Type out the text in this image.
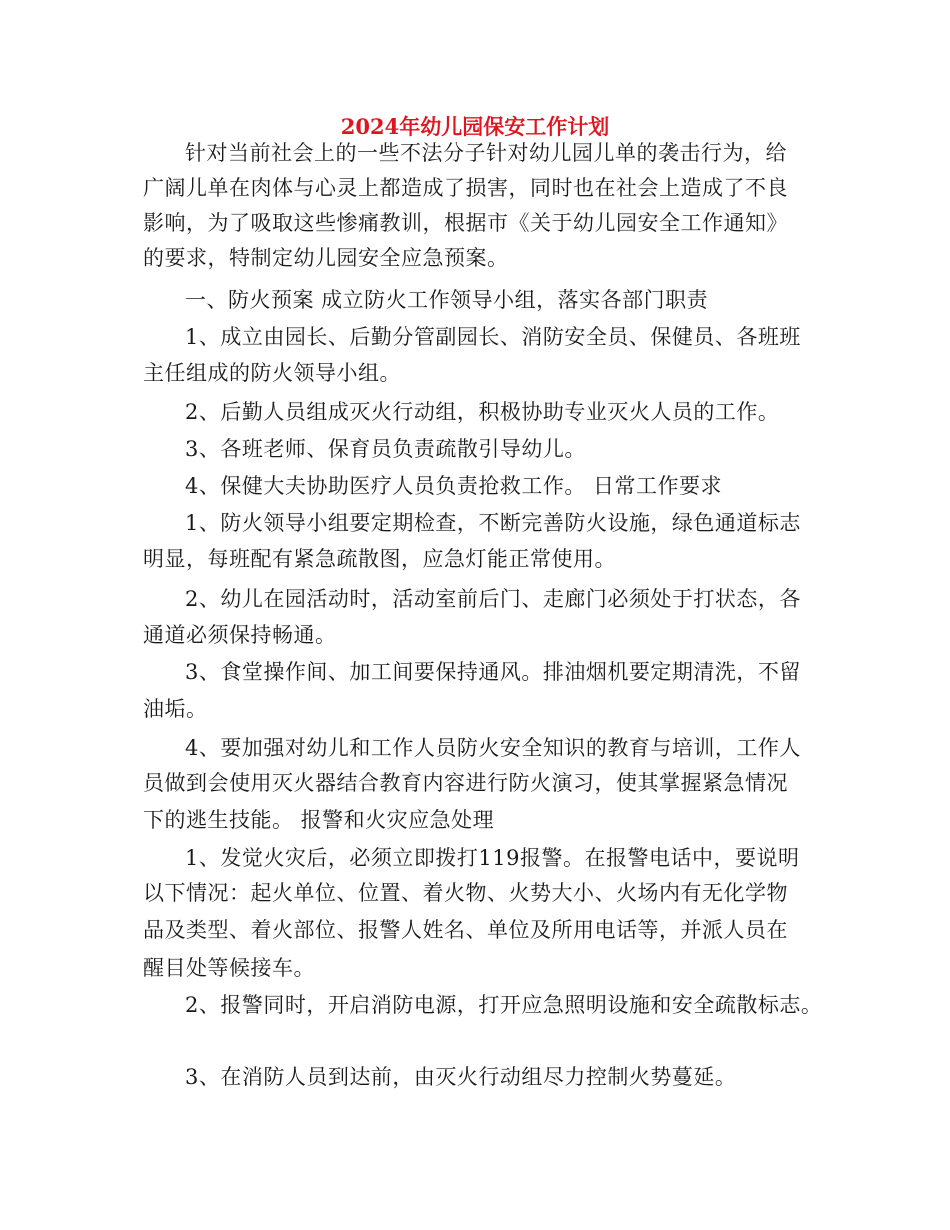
2024年幼儿园保安工作计划
针对当前社会上的一些不法分子针对幼儿园儿单的袭击行为，给
广阔儿单在肉体与心灵上都造成了损害，同时也在社会上造成了不良
影响，为了吸取这些惨痛教训，根据市《关于幼儿园安全工作通知》
的要求，特制定幼儿园安全应急预案。
一、防火预案 成立防火工作领导小组，落实各部门职责
1、成立由园长、后勤分管副园长、消防安全员、保健员、各班班
主任组成的防火领导小组。
2、后勤人员组成灭火行动组，积极协助专业灭火人员的工作。
3、各班老师、保育员负责疏散引导幼儿。
4、保健大夫协助医疗人员负责抢救工作。 日常工作要求
1、防火领导小组要定期检查，不断完善防火设施，绿色通道标志
明显，每班配有紧急疏散图，应急灯能正常使用。
2、幼儿在园活动时，活动室前后门、走廊门必须处于打状态，各
通道必须保持畅通。
3、食堂操作间、加工间要保持通风。排油烟机要定期清洗，不留
油垢。
4、要加强对幼儿和工作人员防火安全知识的教育与培训，工作人
员做到会使用灭火器结合教育内容进行防火演习，使其掌握紧急情况
下的逃生技能。 报警和火灾应急处理
1、发觉火灾后，必须立即拨打119报警。在报警电话中，要说明
以下情况：起火单位、位置、着火物、火势大小、火场内有无化学物
品及类型、着火部位、报警人姓名、单位及所用电话等，并派人员在
醒目处等候接车。
2、报警同时，开启消防电源，打开应急照明设施和安全疏散标志。
3、在消防人员到达前，由灭火行动组尽力控制火势蔓延。
